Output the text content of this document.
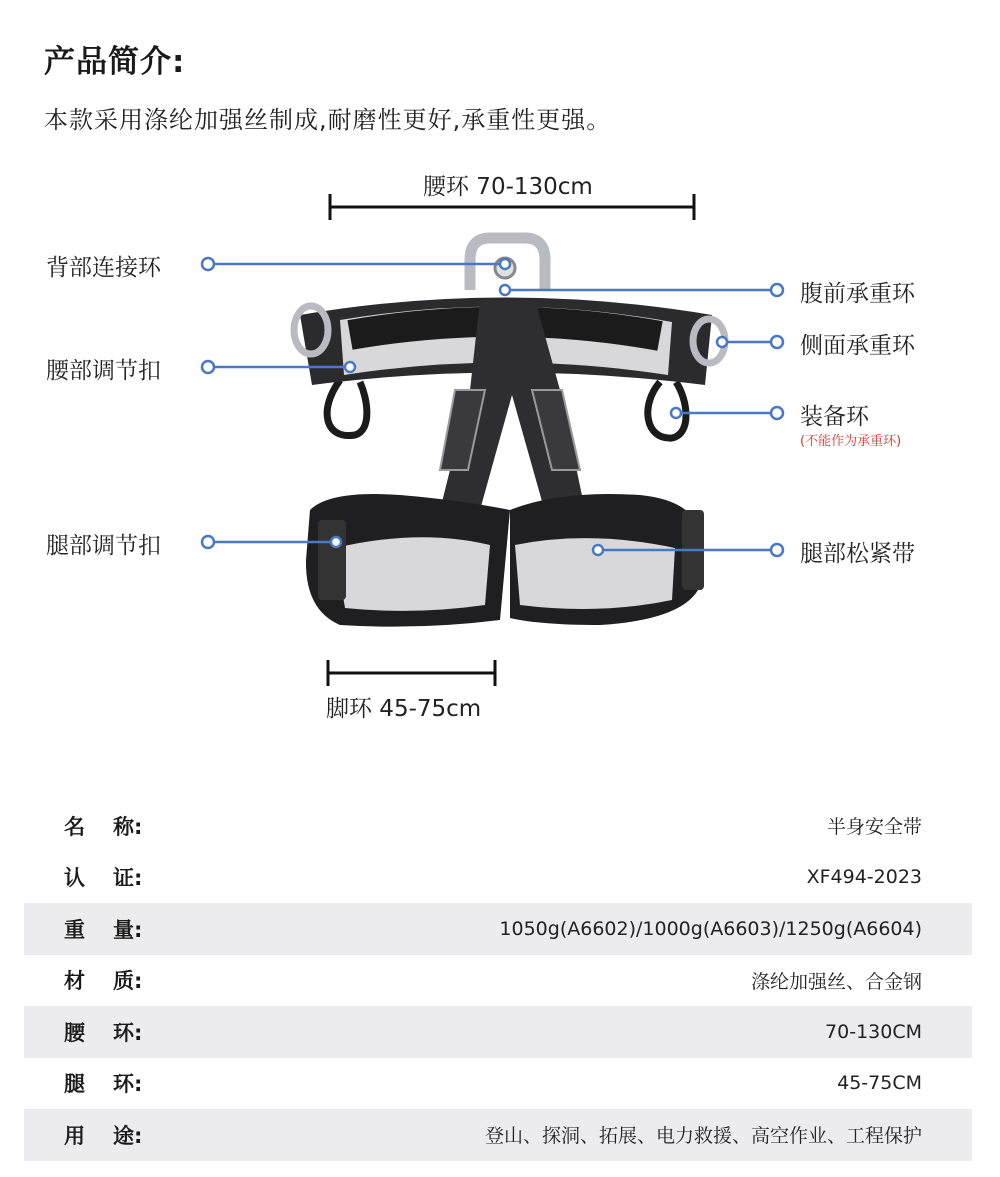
产品简介:
本款采用涤纶加强丝制成,耐磨性更好,承重性更强。
腰环 70-130cm
脚环 45-75cm
背部连接环
腰部调节扣
腿部调节扣
腹前承重环
侧面承重环
装备环
(不能作为承重环)
腿部松紧带
名 称:	半身安全带
认 证:	XF494-2023
重 量:	1050g(A6602)/1000g(A6603)/1250g(A6604)
材 质:	涤纶加强丝、合金钢
腰 环:	70-130CM
腿 环:	45-75CM
用 途:	登山、探洞、拓展、电力救援、高空作业、工程保护
